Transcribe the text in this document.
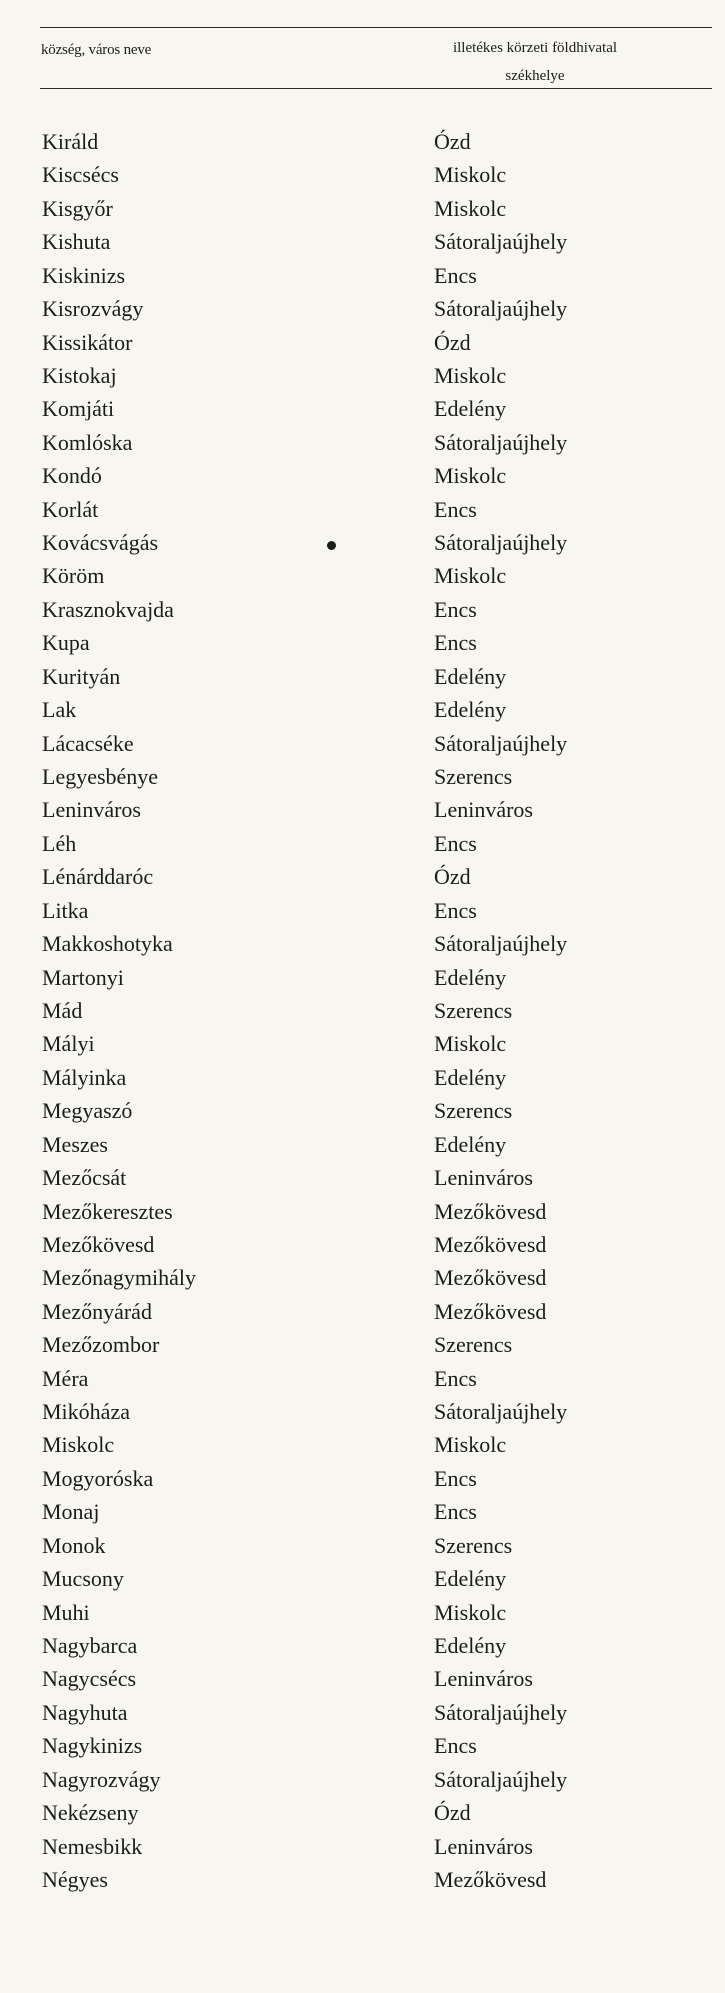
község, város neve	illetékes körzeti földhivatal
székhelye
Királd	Ózd
Kiscsécs	Miskolc
Kisgyőr	Miskolc
Kishuta	Sátoraljaújhely
Kiskinizs	Encs
Kisrozvágy	Sátoraljaújhely
Kissikátor	Ózd
Kistokaj	Miskolc
Komjáti	Edelény
Komlóska	Sátoraljaújhely
Kondó	Miskolc
Korlát	Encs
Kovácsvágás	Sátoraljaújhely
Köröm	Miskolc
Krasznokvajda	Encs
Kupa	Encs
Kurityán	Edelény
Lak	Edelény
Lácacséke	Sátoraljaújhely
Legyesbénye	Szerencs
Leninváros	Leninváros
Léh	Encs
Lénárddaróc	Ózd
Litka	Encs
Makkoshotyka	Sátoraljaújhely
Martonyi	Edelény
Mád	Szerencs
Mályi	Miskolc
Mályinka	Edelény
Megyaszó	Szerencs
Meszes	Edelény
Mezőcsát	Leninváros
Mezőkeresztes	Mezőkövesd
Mezőkövesd	Mezőkövesd
Mezőnagymihály	Mezőkövesd
Mezőnyárád	Mezőkövesd
Mezőzombor	Szerencs
Méra	Encs
Mikóháza	Sátoraljaújhely
Miskolc	Miskolc
Mogyoróska	Encs
Monaj	Encs
Monok	Szerencs
Mucsony	Edelény
Muhi	Miskolc
Nagybarca	Edelény
Nagycsécs	Leninváros
Nagyhuta	Sátoraljaújhely
Nagykinizs	Encs
Nagyrozvágy	Sátoraljaújhely
Nekézseny	Ózd
Nemesbikk	Leninváros
Négyes	Mezőkövesd
